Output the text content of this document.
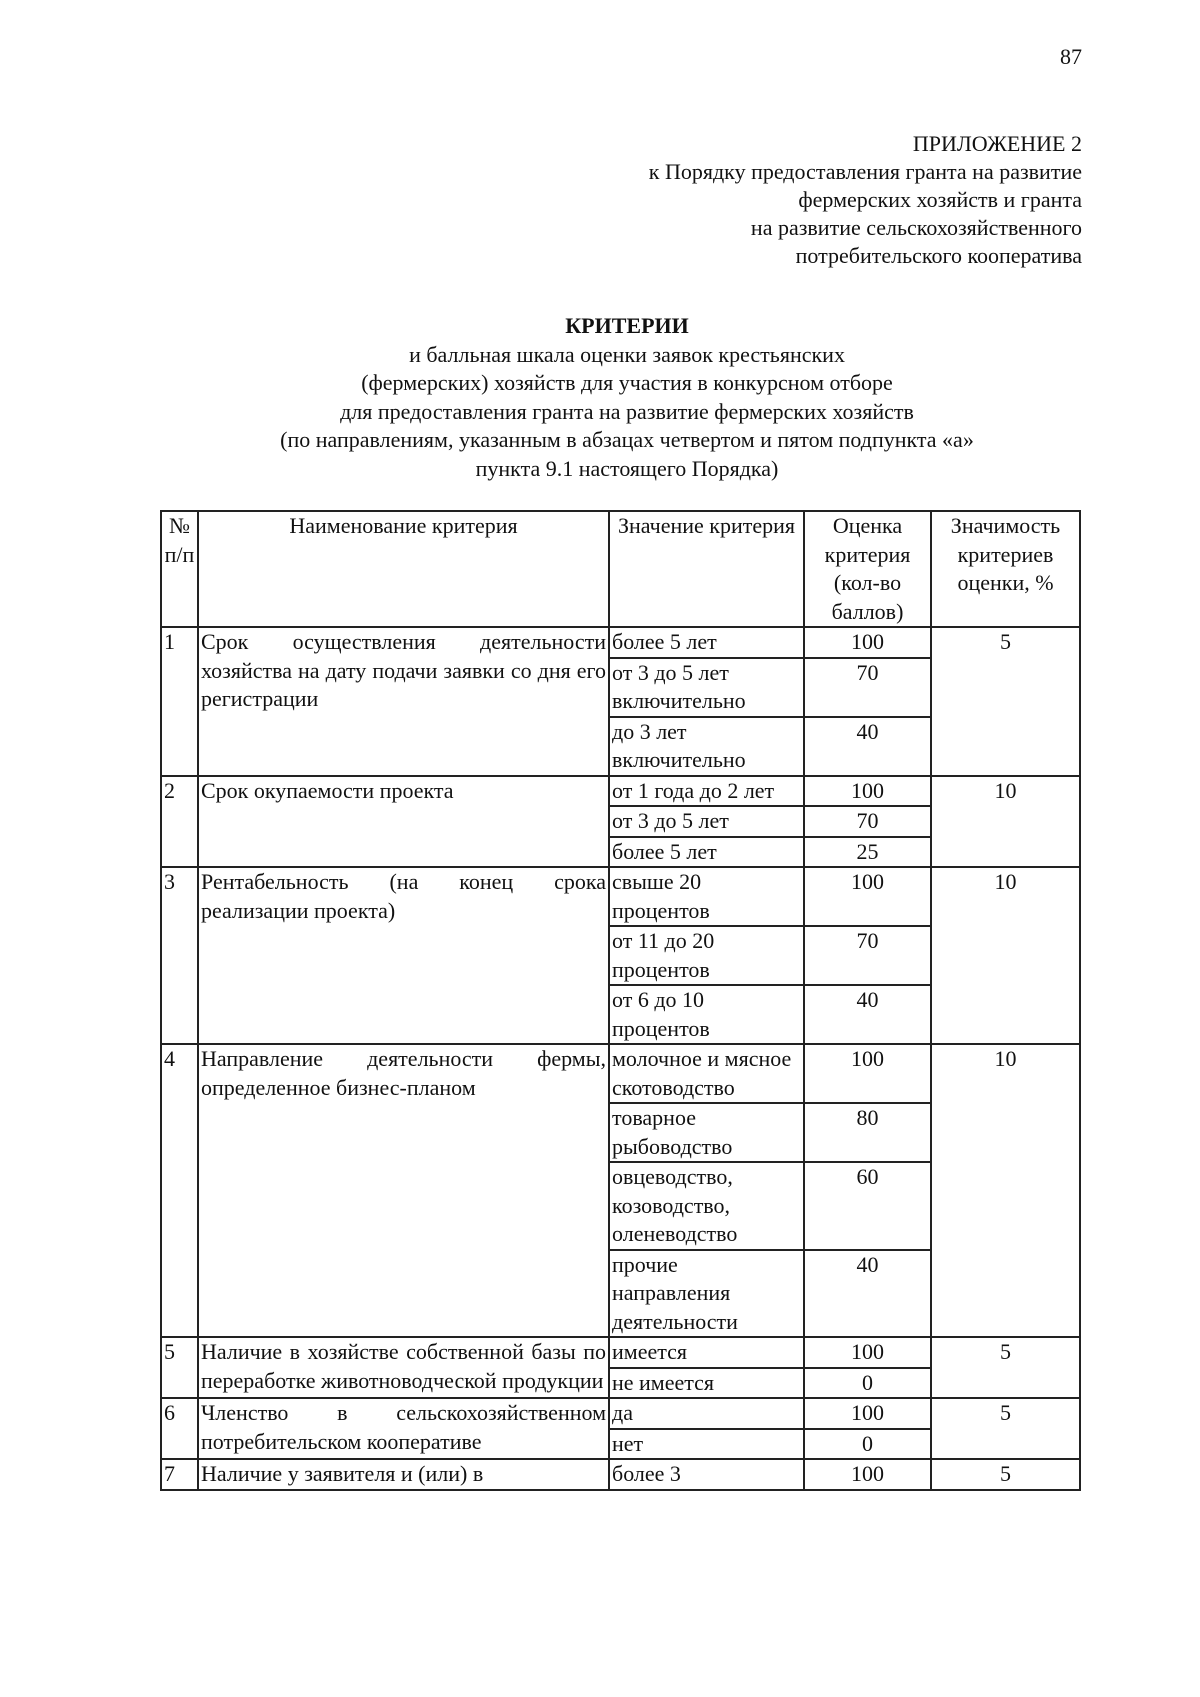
87
ПРИЛОЖЕНИЕ 2
к Порядку предоставления гранта на развитие
фермерских хозяйств и гранта
на развитие сельскохозяйственного
потребительского кооператива
КРИТЕРИИ
и балльная шкала оценки заявок крестьянских
(фермерских) хозяйств для участия в конкурсном отборе
для предоставления гранта на развитие фермерских хозяйств
(по направлениям, указанным в абзацах четвертом и пятом подпункта «а»
пункта 9.1 настоящего Порядка)
№ п/п	Наименование критерия	Значение критерия	Оценка критерия (кол-во баллов)	Значимость критериев оценки, %
1	Срок осуществления деятельности хозяйства на дату подачи заявки со дня его регистрации	более 5 лет	100	5
		от 3 до 5 лет включительно	70	
		до 3 лет включительно	40	
2	Срок окупаемости проекта	от 1 года до 2 лет	100	10
		от 3 до 5 лет	70	
		более 5 лет	25	
3	Рентабельность (на конец срока реализации проекта)	свыше 20 процентов	100	10
		от 11 до 20 процентов	70	
		от 6 до 10 процентов	40	
4	Направление деятельности фермы, определенное бизнес-планом	молочное и мясное скотоводство	100	10
		товарное рыбоводство	80	
		овцеводство, козоводство, оленеводство	60	
		прочие направления деятельности	40	
5	Наличие в хозяйстве собственной базы по переработке животноводческой продукции	имеется	100	5
		не имеется	0	
6	Членство в сельскохозяйственном потребительском кооперативе	да	100	5
		нет	0	
7	Наличие у заявителя и (или) в	более 3	100	5
